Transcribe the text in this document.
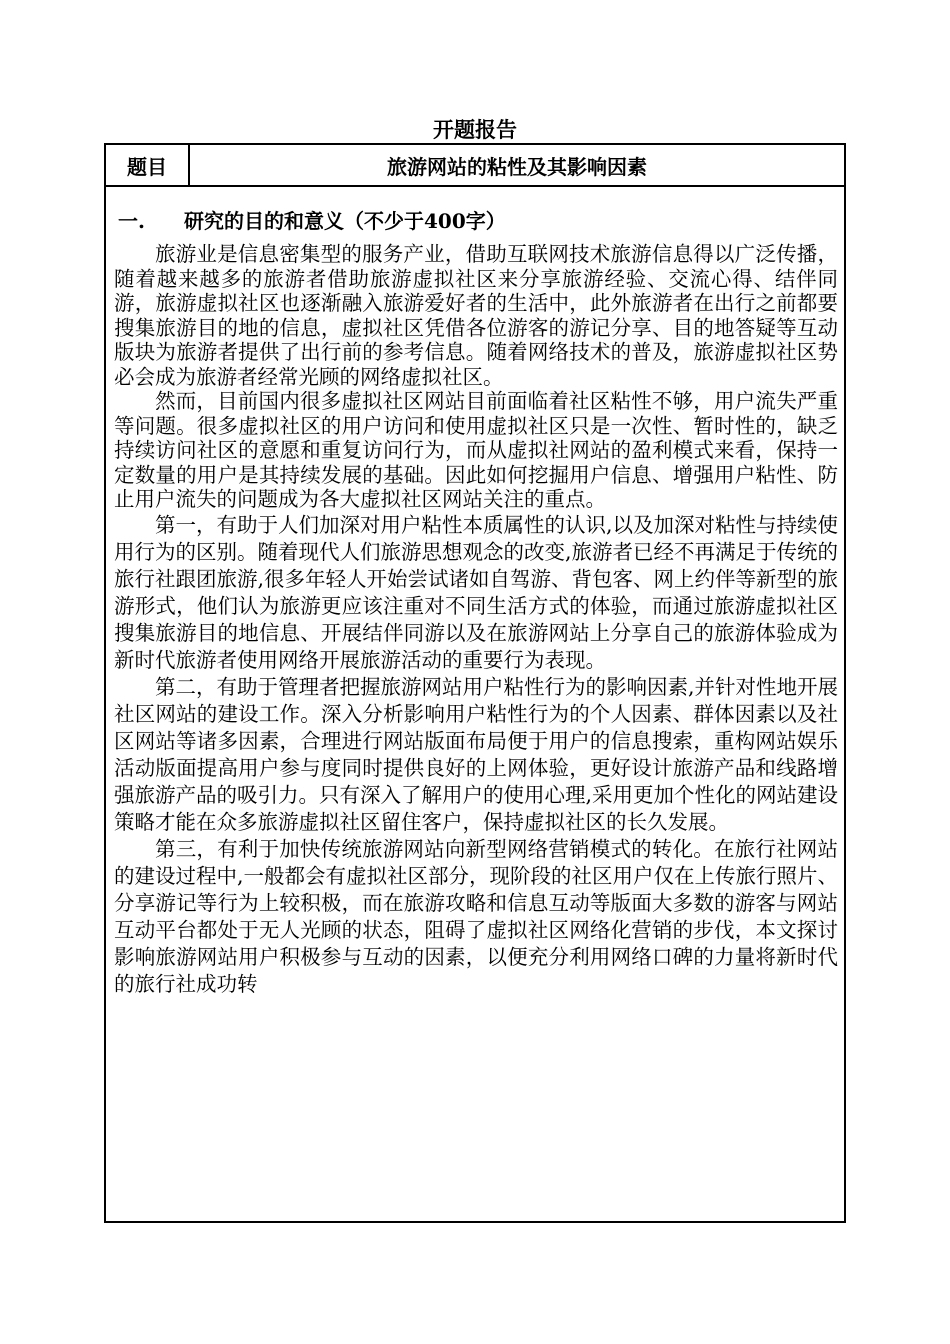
开题报告
题目	旅游网站的粘性及其影响因素
一. 研究的目的和意义（不少于400字）

旅游业是信息密集型的服务产业，借助互联网技术旅游信息得以广泛传播，随着越来越多的旅游者借助旅游虚拟社区来分享旅游经验、交流心得、结伴同游，旅游虚拟社区也逐渐融入旅游爱好者的生活中，此外旅游者在出行之前都要搜集旅游目的地的信息，虚拟社区凭借各位游客的游记分享、目的地答疑等互动版块为旅游者提供了出行前的参考信息。随着网络技术的普及，旅游虚拟社区势必会成为旅游者经常光顾的网络虚拟社区。

然而，目前国内很多虚拟社区网站目前面临着社区粘性不够，用户流失严重等问题。很多虚拟社区的用户访问和使用虚拟社区只是一次性、暂时性的，缺乏持续访问社区的意愿和重复访问行为，而从虚拟社网站的盈利模式来看，保持一定数量的用户是其持续发展的基础。因此如何挖掘用户信息、增强用户粘性、防止用户流失的问题成为各大虚拟社区网站关注的重点。

第一，有助于人们加深对用户粘性本质属性的认识,以及加深对粘性与持续使用行为的区别。随着现代人们旅游思想观念的改变,旅游者已经不再满足于传统的旅行社跟团旅游,很多年轻人开始尝试诸如自驾游、背包客、网上约伴等新型的旅游形式，他们认为旅游更应该注重对不同生活方式的体验，而通过旅游虚拟社区搜集旅游目的地信息、开展结伴同游以及在旅游网站上分享自己的旅游体验成为新时代旅游者使用网络开展旅游活动的重要行为表现。

第二，有助于管理者把握旅游网站用户粘性行为的影响因素,并针对性地开展社区网站的建设工作。深入分析影响用户粘性行为的个人因素、群体因素以及社区网站等诸多因素，合理进行网站版面布局便于用户的信息搜索，重构网站娱乐活动版面提高用户参与度同时提供良好的上网体验，更好设计旅游产品和线路增强旅游产品的吸引力。只有深入了解用户的使用心理,采用更加个性化的网站建设策略才能在众多旅游虚拟社区留住客户，保持虚拟社区的长久发展。

第三，有利于加快传统旅游网站向新型网络营销模式的转化。在旅行社网站的建设过程中,一般都会有虚拟社区部分，现阶段的社区用户仅在上传旅行照片、分享游记等行为上较积极，而在旅游攻略和信息互动等版面大多数的游客与网站互动平台都处于无人光顾的状态，阻碍了虚拟社区网络化营销的步伐，本文探讨影响旅游网站用户积极参与互动的因素，以便充分利用网络口碑的力量将新时代的旅行社成功转
